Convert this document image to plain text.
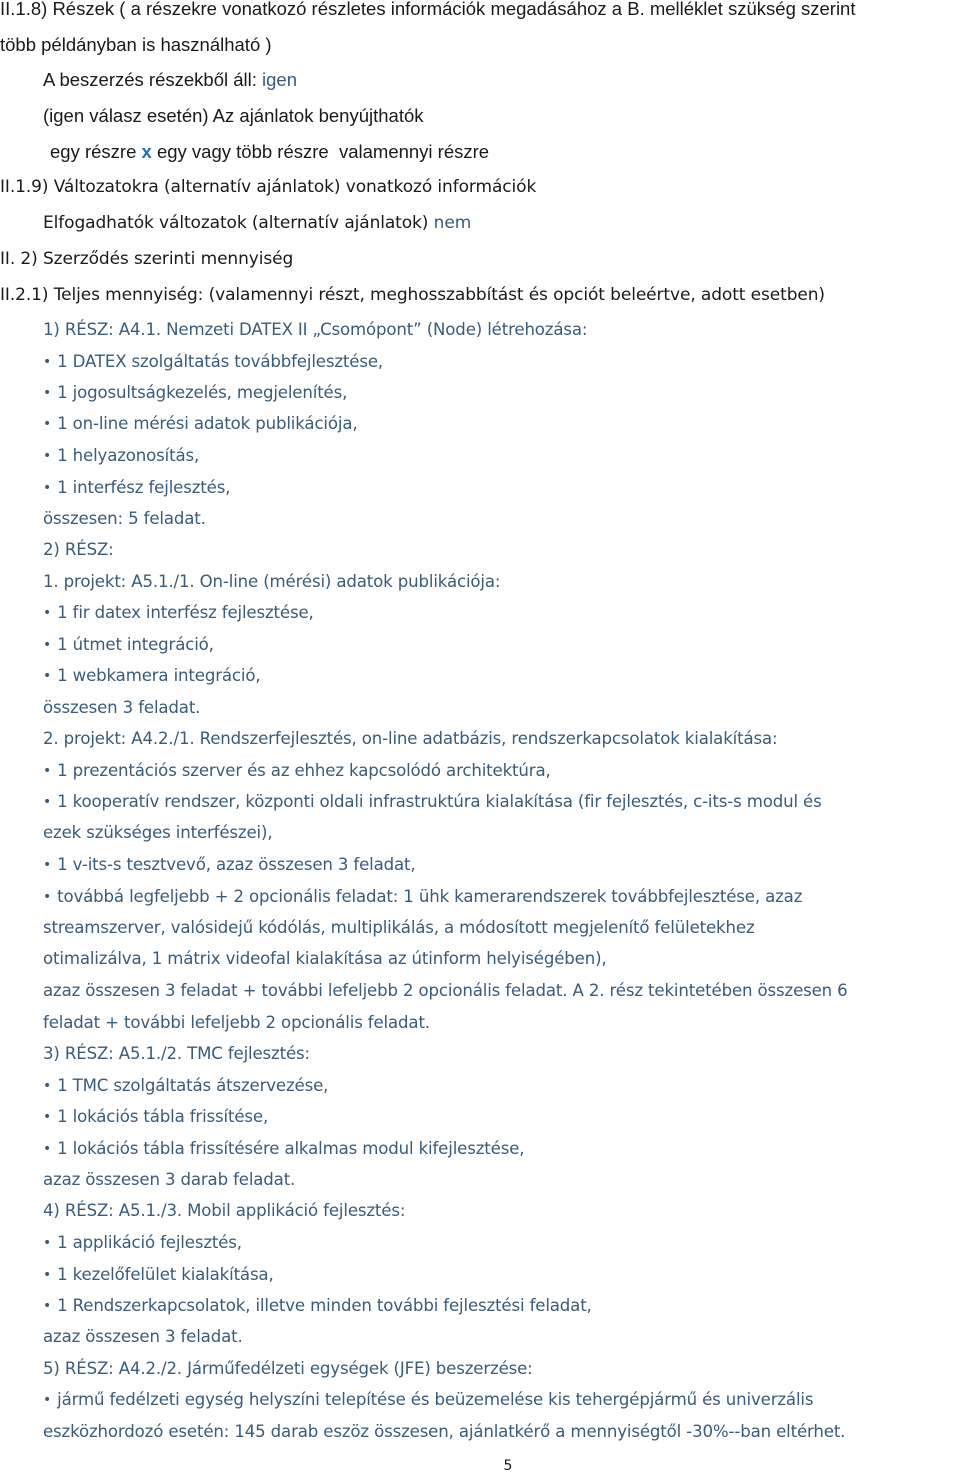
II.1.8) Részek ( a részekre vonatkozó részletes információk megadásához a B. melléklet szükség szerint
több példányban is használható )
A beszerzés részekből áll: igen
(igen válasz esetén) Az ajánlatok benyújthatók
egy részre x egy vagy több részre valamennyi részre
II.1.9) Változatokra (alternatív ajánlatok) vonatkozó információk
Elfogadhatók változatok (alternatív ajánlatok) nem
II. 2) Szerződés szerinti mennyiség
II.2.1) Teljes mennyiség: (valamennyi részt, meghosszabbítást és opciót beleértve, adott esetben)
1) RÉSZ: A4.1. Nemzeti DATEX II „Csomópont” (Node) létrehozása:
• 1 DATEX szolgáltatás továbbfejlesztése,
• 1 jogosultságkezelés, megjelenítés,
• 1 on-line mérési adatok publikációja,
• 1 helyazonosítás,
• 1 interfész fejlesztés,
összesen: 5 feladat.
2) RÉSZ:
1. projekt: A5.1./1. On-line (mérési) adatok publikációja:
• 1 fir datex interfész fejlesztése,
• 1 útmet integráció,
• 1 webkamera integráció,
összesen 3 feladat.
2. projekt: A4.2./1. Rendszerfejlesztés, on-line adatbázis, rendszerkapcsolatok kialakítása:
• 1 prezentációs szerver és az ehhez kapcsolódó architektúra,
• 1 kooperatív rendszer, központi oldali infrastruktúra kialakítása (fir fejlesztés, c-its-s modul és
ezek szükséges interfészei),
• 1 v-its-s tesztvevő, azaz összesen 3 feladat,
• továbbá legfeljebb + 2 opcionális feladat: 1 ühk kamerarendszerek továbbfejlesztése, azaz
streamszerver, valósidejű kódólás, multiplikálás, a módosított megjelenítő felületekhez
otimalizálva, 1 mátrix videofal kialakítása az útinform helyiségében),
azaz összesen 3 feladat + további lefeljebb 2 opcionális feladat. A 2. rész tekintetében összesen 6
feladat + további lefeljebb 2 opcionális feladat.
3) RÉSZ: A5.1./2. TMC fejlesztés:
• 1 TMC szolgáltatás átszervezése,
• 1 lokációs tábla frissítése,
• 1 lokációs tábla frissítésére alkalmas modul kifejlesztése,
azaz összesen 3 darab feladat.
4) RÉSZ: A5.1./3. Mobil applikáció fejlesztés:
• 1 applikáció fejlesztés,
• 1 kezelőfelület kialakítása,
• 1 Rendszerkapcsolatok, illetve minden további fejlesztési feladat,
azaz összesen 3 feladat.
5) RÉSZ: A4.2./2. Járműfedélzeti egységek (JFE) beszerzése:
• jármű fedélzeti egység helyszíni telepítése és beüzemelése kis tehergépjármű és univerzális
eszközhordozó esetén: 145 darab eszöz összesen, ajánlatkérő a mennyiségtől -30%--ban eltérhet.
5
